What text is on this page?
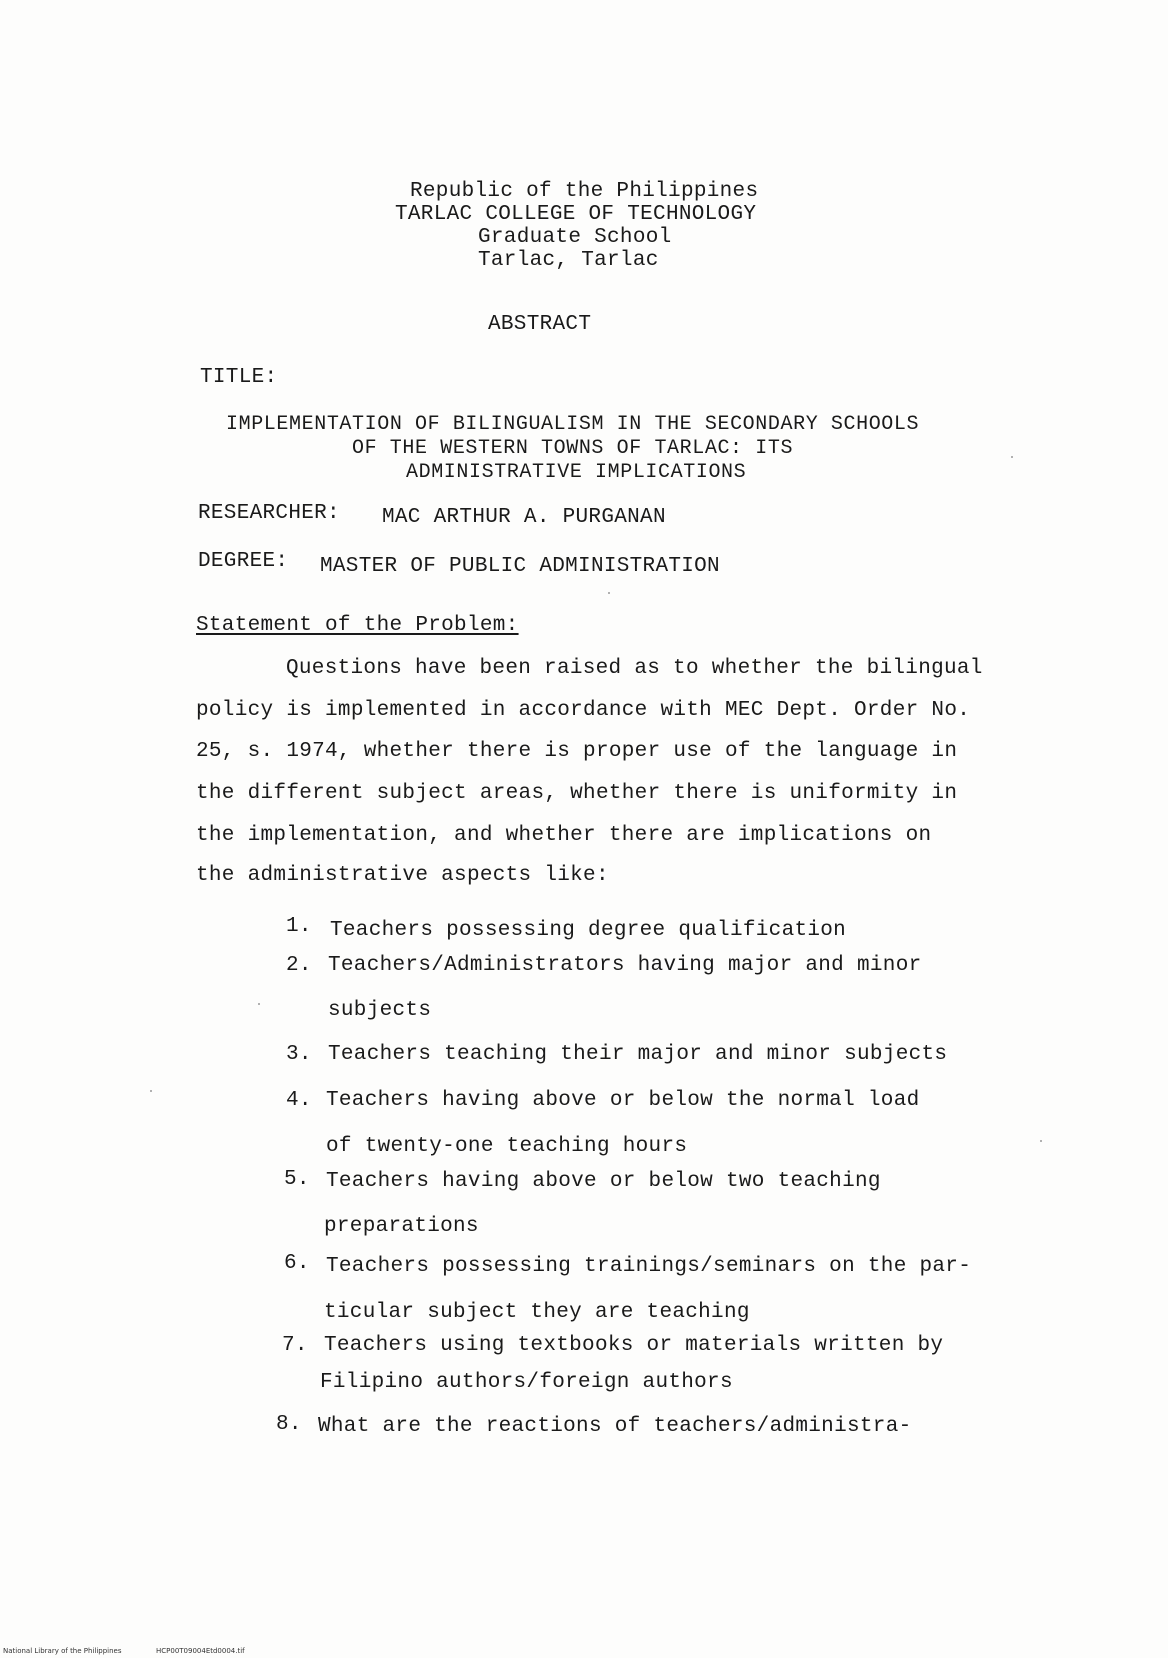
Republic of the Philippines
TARLAC COLLEGE OF TECHNOLOGY
Graduate School
Tarlac, Tarlac
ABSTRACT
TITLE:
IMPLEMENTATION OF BILINGUALISM IN THE SECONDARY SCHOOLS
OF THE WESTERN TOWNS OF TARLAC: ITS
ADMINISTRATIVE IMPLICATIONS
RESEARCHER: MAC ARTHUR A. PURGANAN
DEGREE: MASTER OF PUBLIC ADMINISTRATION
Statement of the Problem:
Questions have been raised as to whether the bilingual
policy is implemented in accordance with MEC Dept. Order No.
25, s. 1974, whether there is proper use of the language in
the different subject areas, whether there is uniformity in
the implementation, and whether there are implications on
the administrative aspects like:
1. Teachers possessing degree qualification
2. Teachers/Administrators having major and minor
subjects
3. Teachers teaching their major and minor subjects
4. Teachers having above or below the normal load
of twenty-one teaching hours
5. Teachers having above or below two teaching
preparations
6. Teachers possessing trainings/seminars on the par-
ticular subject they are teaching
7. Teachers using textbooks or materials written by
Filipino authors/foreign authors
8. What are the reactions of teachers/administra-
National Library of the Philippines	HCP00T09004Etd0004.tif
